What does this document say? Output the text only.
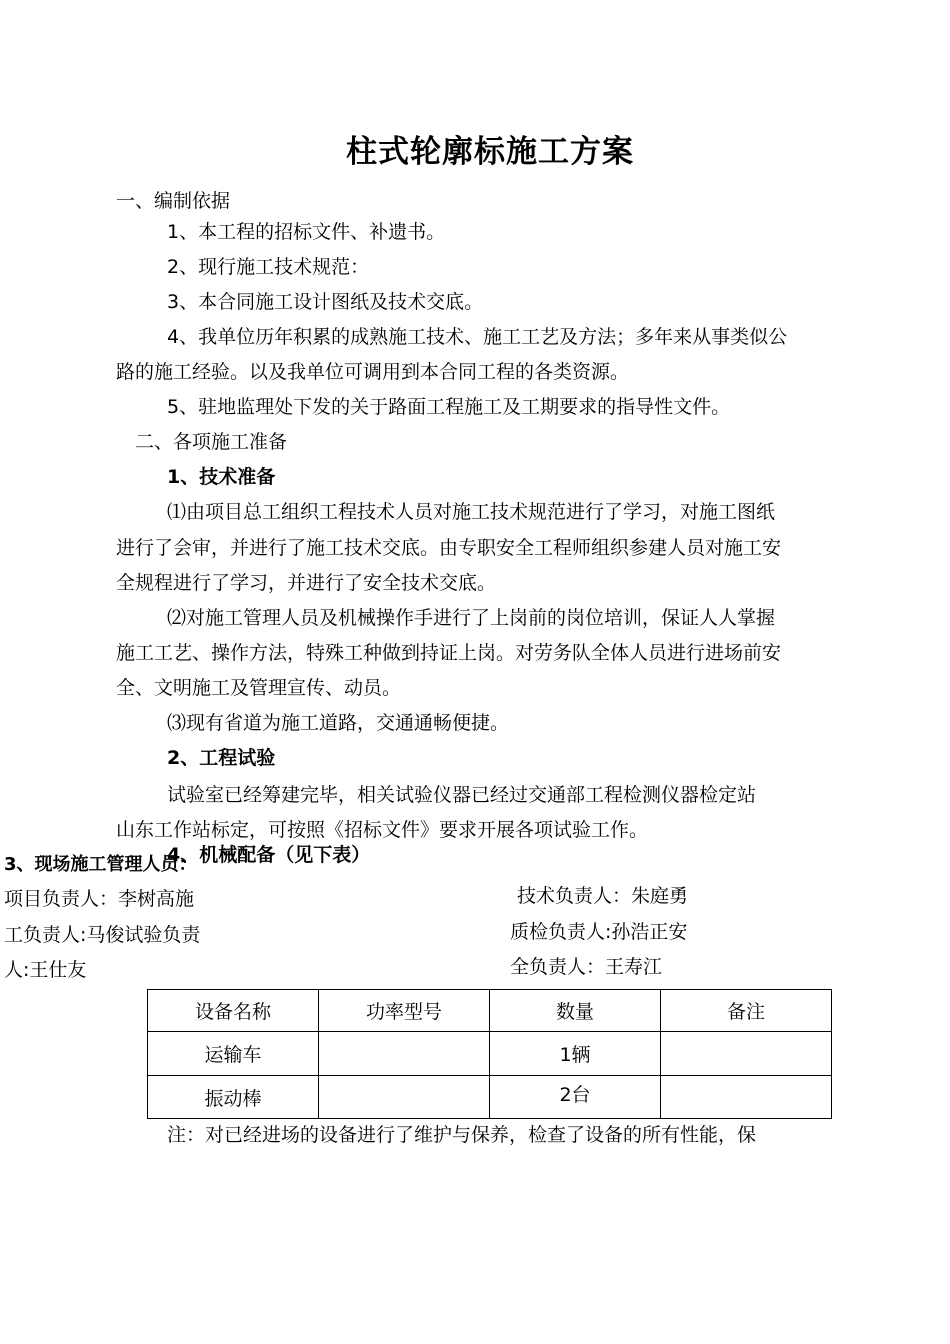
柱式轮廓标施工方案
一、编制依据
1、本工程的招标文件、补遗书。
2、现行施工技术规范：
3、本合同施工设计图纸及技术交底。
4、我单位历年积累的成熟施工技术、施工工艺及方法；多年来从事类似公
路的施工经验。以及我单位可调用到本合同工程的各类资源。
5、驻地监理处下发的关于路面工程施工及工期要求的指导性文件。
二、各项施工准备
1、技术准备
⑴由项目总工组织工程技术人员对施工技术规范进行了学习，对施工图纸
进行了会审，并进行了施工技术交底。由专职安全工程师组织参建人员对施工安
全规程进行了学习，并进行了安全技术交底。
⑵对施工管理人员及机械操作手进行了上岗前的岗位培训，保证人人掌握
施工工艺、操作方法，特殊工种做到持证上岗。对劳务队全体人员进行进场前安
全、文明施工及管理宣传、动员。
⑶现有省道为施工道路，交通通畅便捷。
2、工程试验
试验室已经筹建完毕，相关试验仪器已经过交通部工程检测仪器检定站
山东工作站标定，可按照《招标文件》要求开展各项试验工作。
4、机械配备（见下表）
3、现场施工管理人员：
项目负责人：李树高施
工负责人:马俊试验负责
人:王仕友
技术负责人：朱庭勇
质检负责人:孙浩正安
全负责人：王寿江
设备名称	功率型号	数量	备注
运输车		1辆	
振动棒		2台	
注：对已经进场的设备进行了维护与保养，检查了设备的所有性能，保
